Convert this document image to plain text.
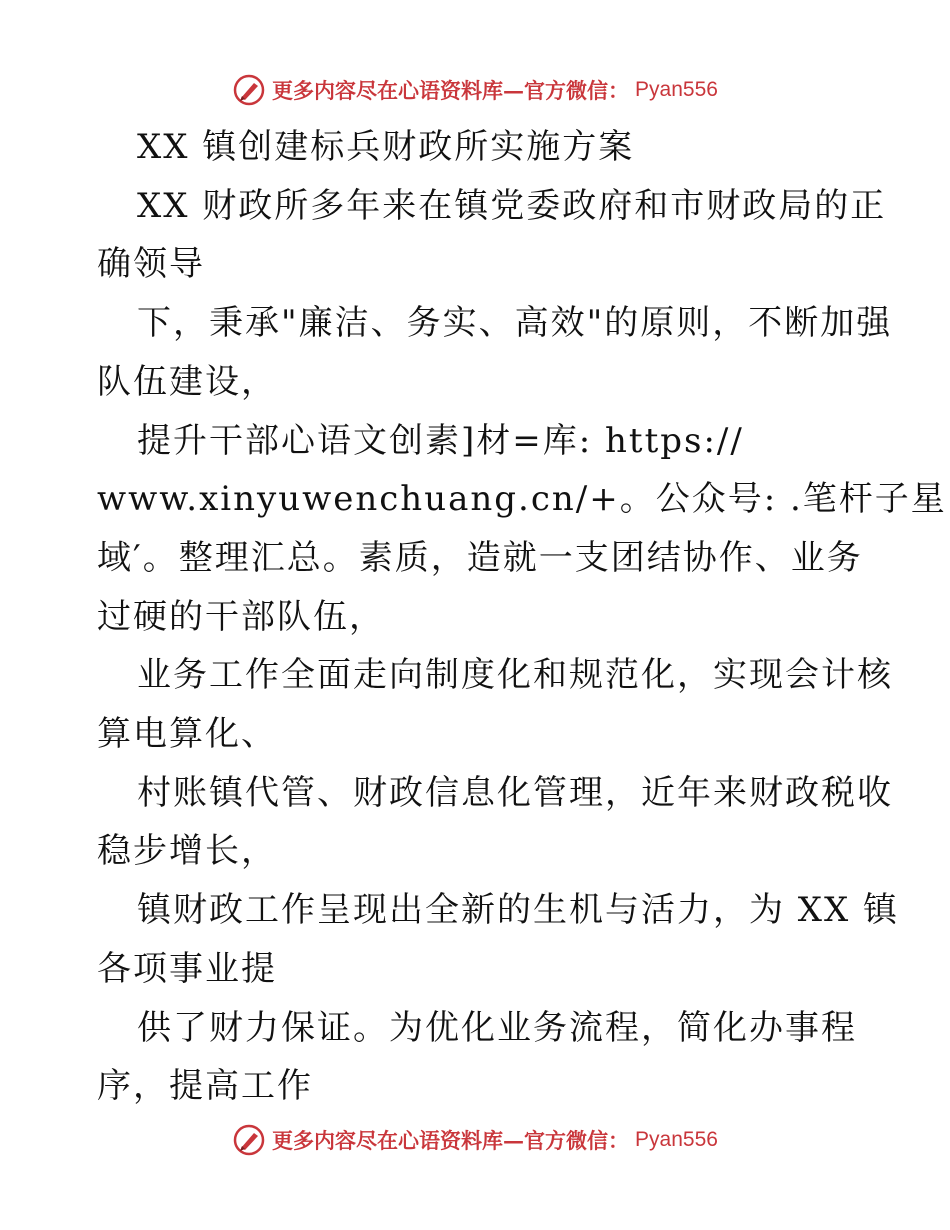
更多内容尽在心语资料库—官方微信： Pyan556
XX 镇创建标兵财政所实施方案
XX 财政所多年来在镇党委政府和市财政局的正
确领导
下，秉承"廉洁、务实、高效"的原则，不断加强
队伍建设，
提升干部心语文创素]材=库: https://
www.xinyuwenchuang.cn/+。公众号: .笔杆子星
域′。整理汇总。素质，造就一支团结协作、业务
过硬的干部队伍，
业务工作全面走向制度化和规范化，实现会计核
算电算化、
村账镇代管、财政信息化管理，近年来财政税收
稳步增长，
镇财政工作呈现出全新的生机与活力，为 XX 镇
各项事业提
供了财力保证。为优化业务流程，简化办事程
序，提高工作
更多内容尽在心语资料库—官方微信： Pyan556
